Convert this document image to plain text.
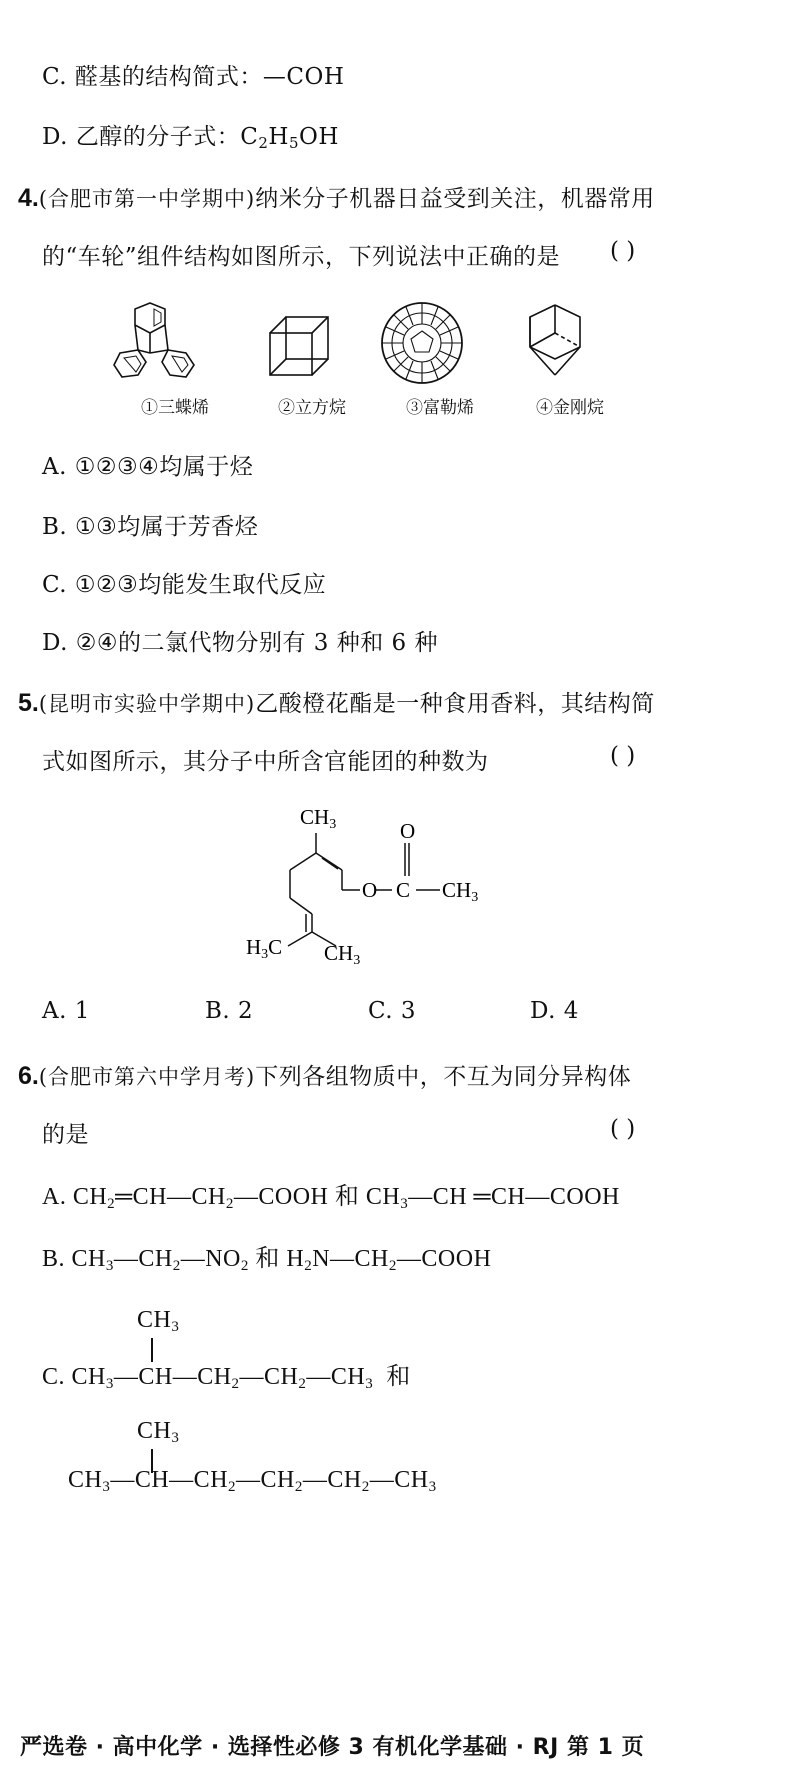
C. 醛基的结构简式：—COH
D. 乙醇的分子式：$C_2H_5OH$
4.(合肥市第一中学期中)纳米分子机器日益受到关注，机器常用
的“车轮”组件结构如图所示，下列说法中正确的是 ( )
①三蝶烯	②立方烷	③富勒烯	④金刚烷
A. ①②③④均属于烃
B. ①③均属于芳香烃
C. ①②③均能发生取代反应
D. ②④的二氯代物分别有 3 种和 6 种
5.(昆明市实验中学期中)乙酸橙花酯是一种食用香料，其结构简
式如图所示，其分子中所含官能团的种数为	( )
CH3
O
O
C CH3
H3C CH3
A. 1	B. 2	C. 3	D. 4
6.(合肥市第六中学月考)下列各组物质中，不互为同分异构体
的是	( )
A. $CH_2═CH—CH_2—COOH$ 和 $CH_3—CH$ ═CH—COOH
B. $CH_3—CH_2—NO_2$ 和 $H_2N—CH_2—COOH$
$CH_3$
C. $CH_3—CH—CH_2—CH_2—CH_3$ 和
$CH_3$
$CH_3—CH—CH_2—CH_2—CH_2—CH_3$
严选卷 · 高中化学 · 选择性必修 3 有机化学基础 · RJ 第 1 页
